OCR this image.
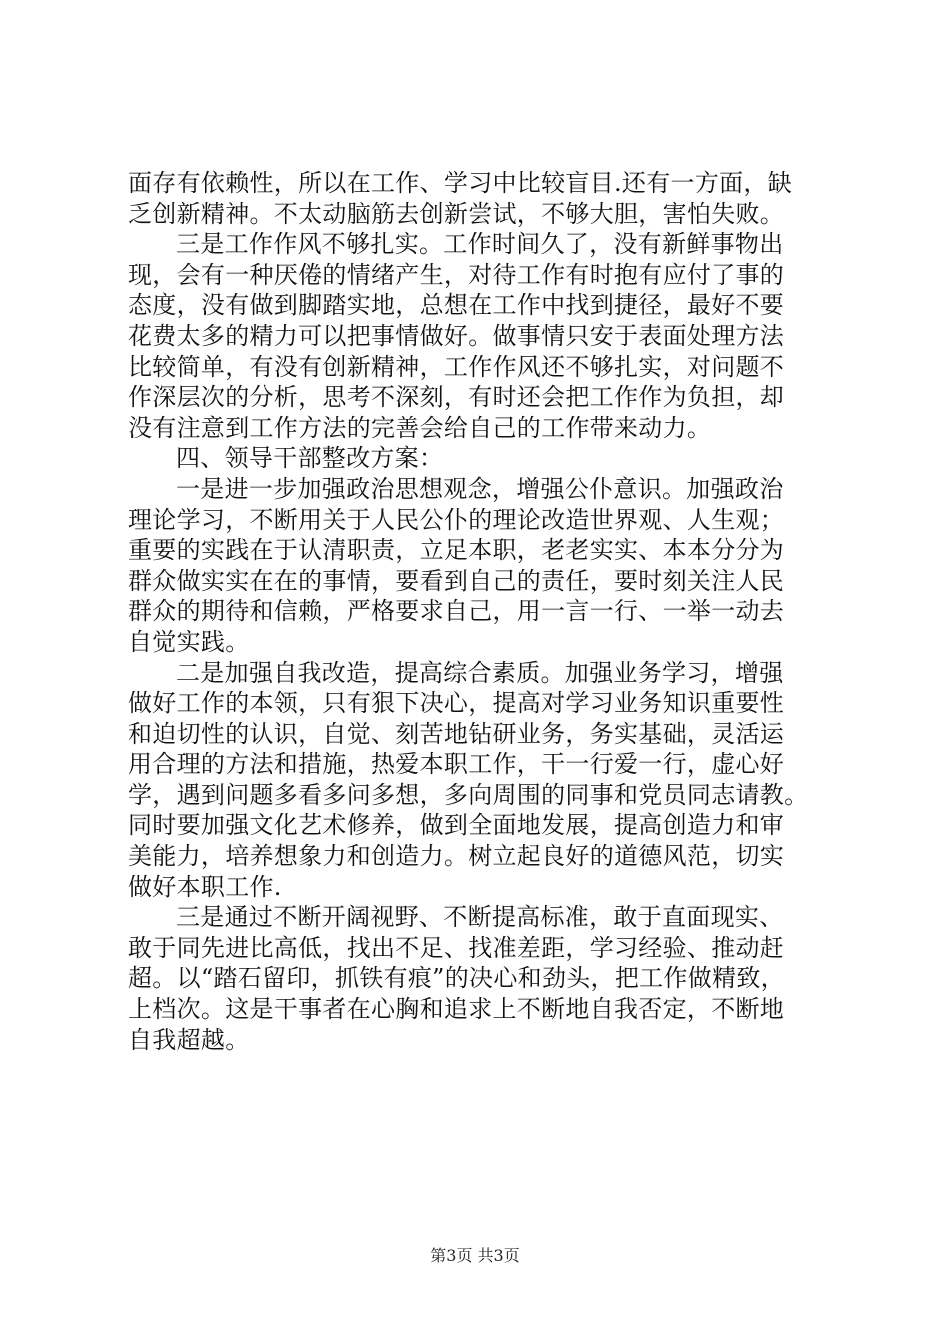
面存有依赖性，所以在工作、学习中比较盲目.还有一方面，缺
乏创新精神。不太动脑筋去创新尝试，不够大胆，害怕失败。
三是工作作风不够扎实。工作时间久了，没有新鲜事物出
现，会有一种厌倦的情绪产生，对待工作有时抱有应付了事的
态度，没有做到脚踏实地，总想在工作中找到捷径，最好不要
花费太多的精力可以把事情做好。做事情只安于表面处理方法
比较简单，有没有创新精神，工作作风还不够扎实，对问题不
作深层次的分析，思考不深刻，有时还会把工作作为负担，却
没有注意到工作方法的完善会给自己的工作带来动力。
四、领导干部整改方案：
一是进一步加强政治思想观念，增强公仆意识。加强政治
理论学习，不断用关于人民公仆的理论改造世界观、人生观；
重要的实践在于认清职责，立足本职，老老实实、本本分分为
群众做实实在在的事情，要看到自己的责任，要时刻关注人民
群众的期待和信赖，严格要求自己，用一言一行、一举一动去
自觉实践。
二是加强自我改造，提高综合素质。加强业务学习，增强
做好工作的本领，只有狠下决心，提高对学习业务知识重要性
和迫切性的认识，自觉、刻苦地钻研业务，务实基础，灵活运
用合理的方法和措施，热爱本职工作，干一行爱一行，虚心好
学，遇到问题多看多问多想，多向周围的同事和党员同志请教。
同时要加强文化艺术修养，做到全面地发展，提高创造力和审
美能力，培养想象力和创造力。树立起良好的道德风范，切实
做好本职工作.
三是通过不断开阔视野、不断提高标准，敢于直面现实、
敢于同先进比高低，找出不足、找准差距，学习经验、推动赶
超。以“踏石留印，抓铁有痕”的决心和劲头，把工作做精致，
上档次。这是干事者在心胸和追求上不断地自我否定，不断地
自我超越。
第3页 共3页
